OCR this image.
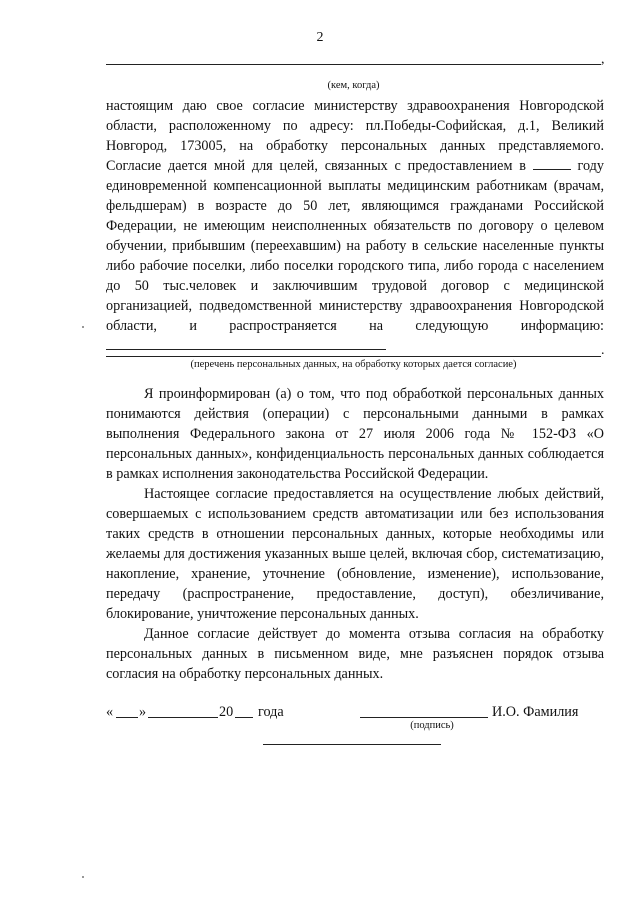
2
,
(кем, когда)

настоящим даю свое согласие министерству здравоохранения Новгородской области, расположенному по адресу: пл.Победы-Софийская, д.1, Великий Новгород, 173005, на обработку персональных данных представляемого. Согласие дается мной для целей, связанных с предоставлением в	году единовременной компенсационной выплаты медицинским работникам (врачам, фельдшерам) в возрасте до 50 лет, являющимся гражданами Российской Федерации, не имеющим неисполненных обязательств по договору о целевом обучении, прибывшим (переехавшим) на работу в сельские населенные пункты либо рабочие поселки, либо поселки городского типа, либо города с населением до 50 тыс.человек и заключившим трудовой договор с медицинской организацией, подведомственной министерству здравоохранения Новгородской области, и распространяется на следующую информацию:

.
(перечень персональных данных, на обработку которых дается согласие)

Я проинформирован (а) о том, что под обработкой персональных данных понимаются действия (операции) с персональными данными в рамках выполнения Федерального закона от 27 июля 2006 года № 152-ФЗ «О персональных данных», конфиденциальность персональных данных соблюдается в рамках исполнения законодательства Российской Федерации.

Настоящее согласие предоставляется на осуществление любых действий, совершаемых с использованием средств автоматизации или без использования таких средств в отношении персональных данных, которые необходимы или желаемы для достижения указанных выше целей, включая сбор, систематизацию, накопление, хранение, уточнение (обновление, изменение), использование, передачу (распространение, предоставление, доступ), обезличивание, блокирование, уничтожение персональных данных.

Данное согласие действует до момента отзыва согласия на обработку персональных данных в письменном виде, мне разъяснен порядок отзыва согласия на обработку персональных данных.

« »	20 года	И.О. Фамилия
(подпись)
